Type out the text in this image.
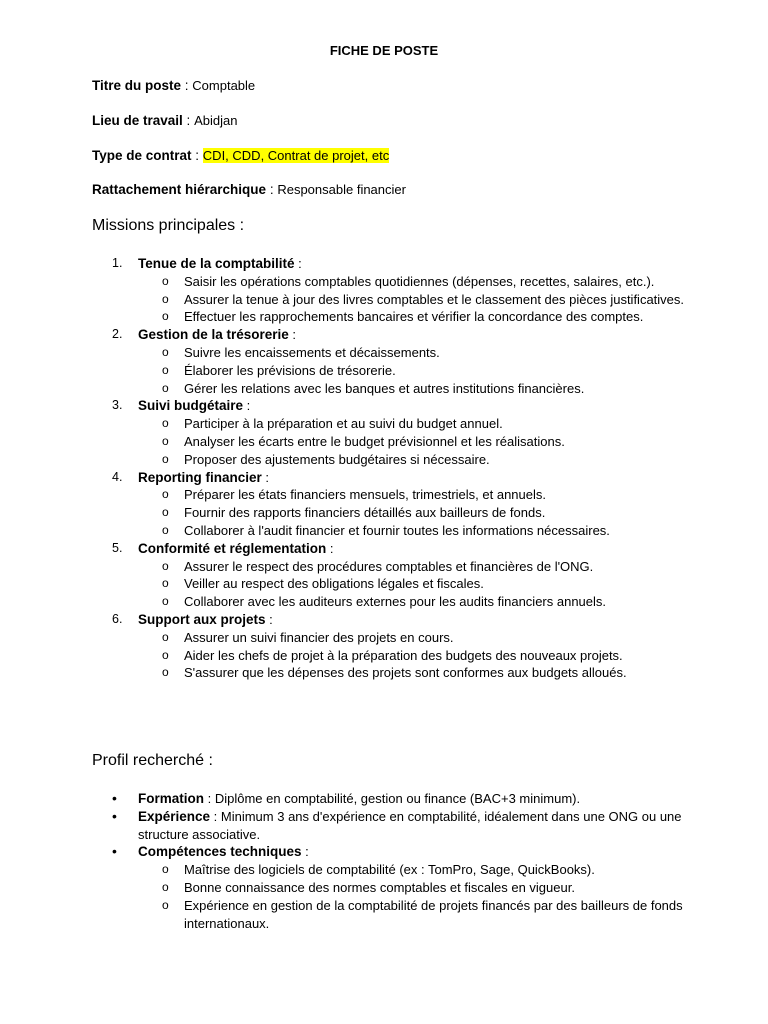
FICHE DE POSTE
Titre du poste : Comptable
Lieu de travail : Abidjan
Type de contrat : CDI, CDD, Contrat de projet, etc
Rattachement hiérarchique : Responsable financier
Missions principales :
1. Tenue de la comptabilité :
o Saisir les opérations comptables quotidiennes (dépenses, recettes, salaires, etc.).
o Assurer la tenue à jour des livres comptables et le classement des pièces justificatives.
o Effectuer les rapprochements bancaires et vérifier la concordance des comptes.
2. Gestion de la trésorerie :
o Suivre les encaissements et décaissements.
o Élaborer les prévisions de trésorerie.
o Gérer les relations avec les banques et autres institutions financières.
3. Suivi budgétaire :
o Participer à la préparation et au suivi du budget annuel.
o Analyser les écarts entre le budget prévisionnel et les réalisations.
o Proposer des ajustements budgétaires si nécessaire.
4. Reporting financier :
o Préparer les états financiers mensuels, trimestriels, et annuels.
o Fournir des rapports financiers détaillés aux bailleurs de fonds.
o Collaborer à l'audit financier et fournir toutes les informations nécessaires.
5. Conformité et réglementation :
o Assurer le respect des procédures comptables et financières de l'ONG.
o Veiller au respect des obligations légales et fiscales.
o Collaborer avec les auditeurs externes pour les audits financiers annuels.
6. Support aux projets :
o Assurer un suivi financier des projets en cours.
o Aider les chefs de projet à la préparation des budgets des nouveaux projets.
o S'assurer que les dépenses des projets sont conformes aux budgets alloués.
Profil recherché :
• Formation : Diplôme en comptabilité, gestion ou finance (BAC+3 minimum).
• Expérience : Minimum 3 ans d'expérience en comptabilité, idéalement dans une ONG ou une structure associative.
• Compétences techniques :
o Maîtrise des logiciels de comptabilité (ex : TomPro, Sage, QuickBooks).
o Bonne connaissance des normes comptables et fiscales en vigueur.
o Expérience en gestion de la comptabilité de projets financés par des bailleurs de fonds internationaux.
